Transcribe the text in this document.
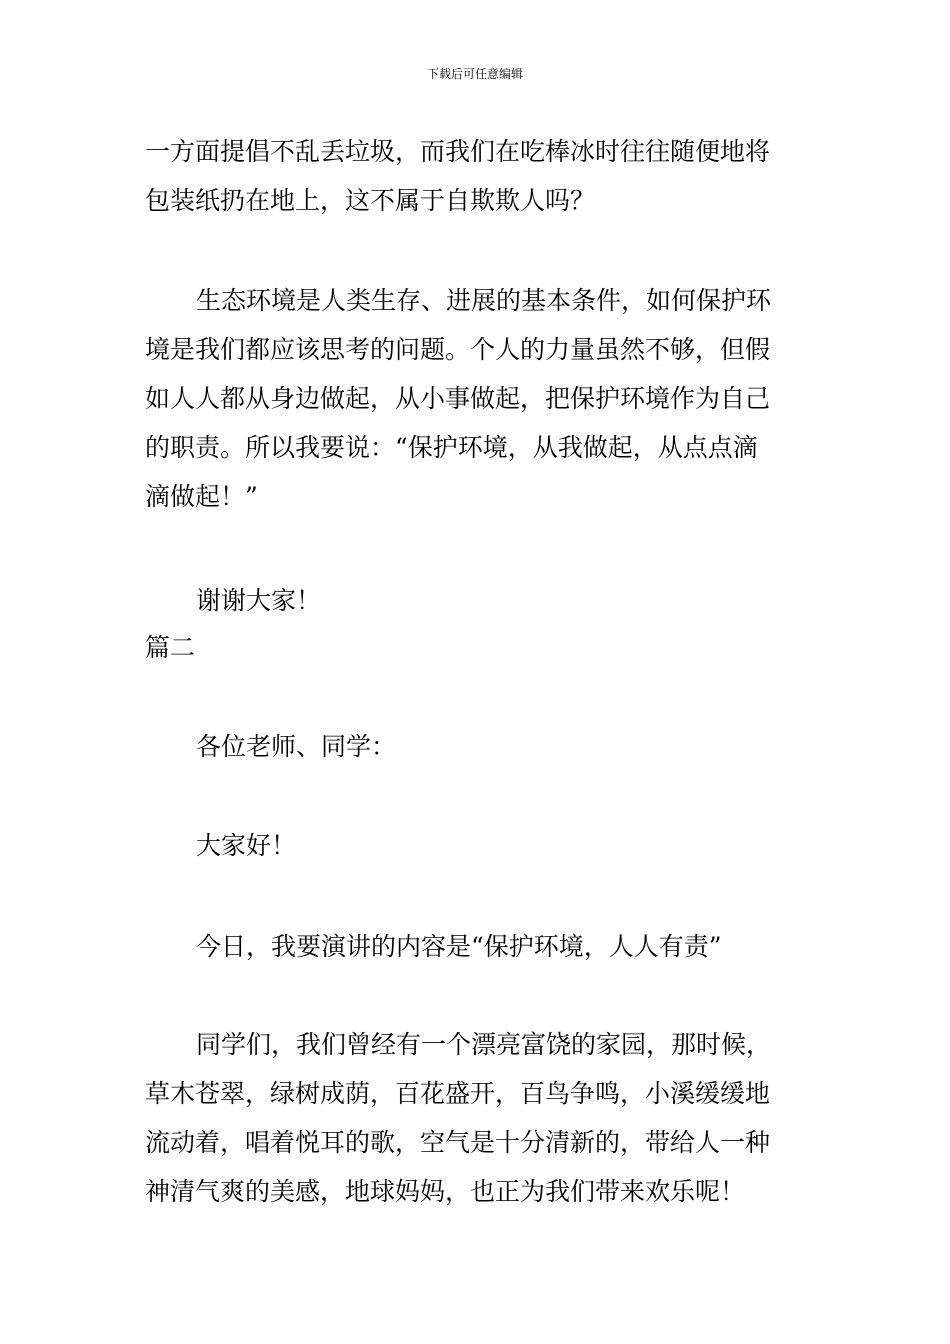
下载后可任意编辑
一方面提倡不乱丢垃圾，而我们在吃棒冰时往往随便地将
包装纸扔在地上，这不属于自欺欺人吗？
生态环境是人类生存、进展的基本条件，如何保护环
境是我们都应该思考的问题。个人的力量虽然不够，但假
如人人都从身边做起，从小事做起，把保护环境作为自己
的职责。所以我要说：“保护环境，从我做起，从点点滴
滴做起！”
谢谢大家！
篇二
各位老师、同学：
大家好！
今日，我要演讲的内容是“保护环境，人人有责”
同学们，我们曾经有一个漂亮富饶的家园，那时候，
草木苍翠，绿树成荫，百花盛开，百鸟争鸣，小溪缓缓地
流动着，唱着悦耳的歌，空气是十分清新的，带给人一种
神清气爽的美感，地球妈妈，也正为我们带来欢乐呢！
